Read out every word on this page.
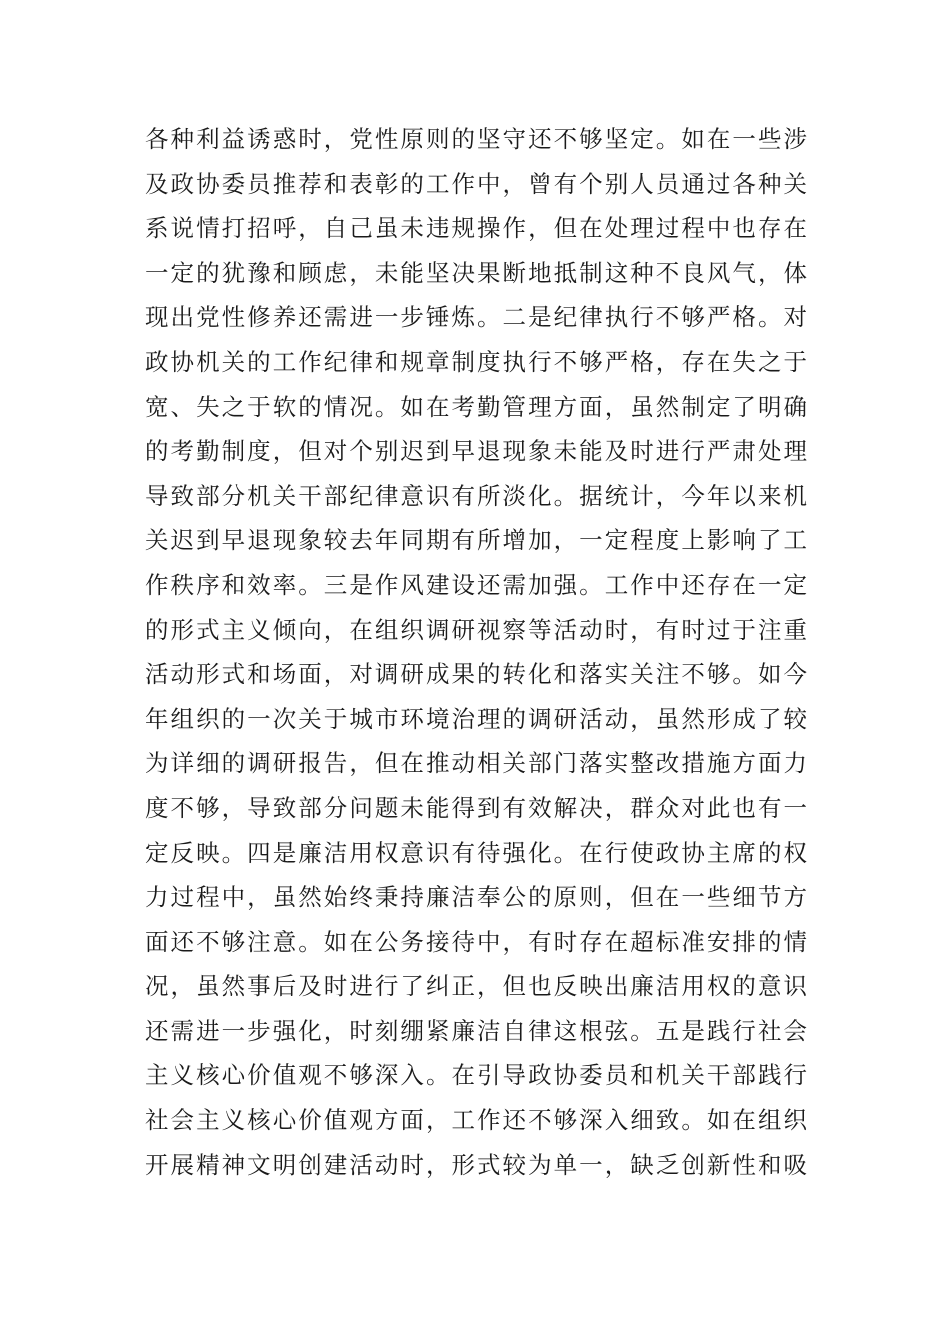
各种利益诱惑时，党性原则的坚守还不够坚定。如在一些涉
及政协委员推荐和表彰的工作中，曾有个别人员通过各种关
系说情打招呼，自己虽未违规操作，但在处理过程中也存在
一定的犹豫和顾虑，未能坚决果断地抵制这种不良风气，体
现出党性修养还需进一步锤炼。二是纪律执行不够严格。对
政协机关的工作纪律和规章制度执行不够严格，存在失之于
宽、失之于软的情况。如在考勤管理方面，虽然制定了明确
的考勤制度，但对个别迟到早退现象未能及时进行严肃处理
导致部分机关干部纪律意识有所淡化。据统计，今年以来机
关迟到早退现象较去年同期有所增加，一定程度上影响了工
作秩序和效率。三是作风建设还需加强。工作中还存在一定
的形式主义倾向，在组织调研视察等活动时，有时过于注重
活动形式和场面，对调研成果的转化和落实关注不够。如今
年组织的一次关于城市环境治理的调研活动，虽然形成了较
为详细的调研报告，但在推动相关部门落实整改措施方面力
度不够，导致部分问题未能得到有效解决，群众对此也有一
定反映。四是廉洁用权意识有待强化。在行使政协主席的权
力过程中，虽然始终秉持廉洁奉公的原则，但在一些细节方
面还不够注意。如在公务接待中，有时存在超标准安排的情
况，虽然事后及时进行了纠正，但也反映出廉洁用权的意识
还需进一步强化，时刻绷紧廉洁自律这根弦。五是践行社会
主义核心价值观不够深入。在引导政协委员和机关干部践行
社会主义核心价值观方面，工作还不够深入细致。如在组织
开展精神文明创建活动时，形式较为单一，缺乏创新性和吸
